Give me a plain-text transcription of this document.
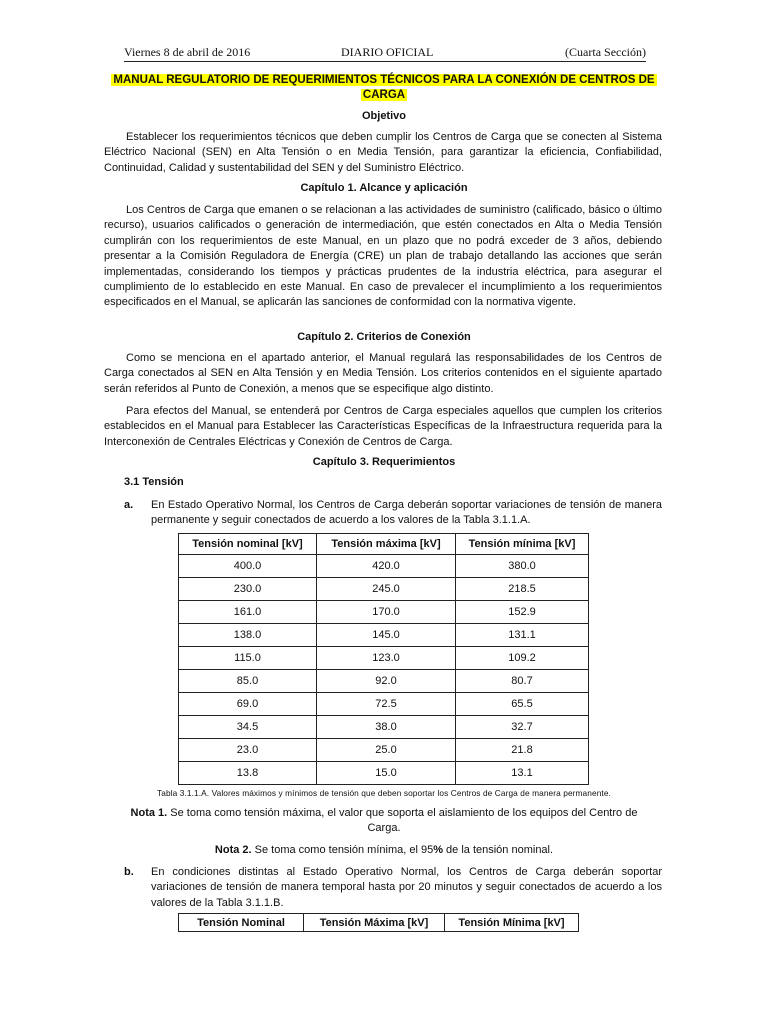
Viernes 8 de abril de 2016	DIARIO OFICIAL	(Cuarta Sección)
MANUAL REGULATORIO DE REQUERIMIENTOS TÉCNICOS PARA LA CONEXIÓN DE CENTROS DE
CARGA
Objetivo

Establecer los requerimientos técnicos que deben cumplir los Centros de Carga que se conecten al Sistema Eléctrico Nacional (SEN) en Alta Tensión o en Media Tensión, para garantizar la eficiencia, Confiabilidad, Continuidad, Calidad y sustentabilidad del SEN y del Suministro Eléctrico.

Capítulo 1. Alcance y aplicación

Los Centros de Carga que emanen o se relacionan a las actividades de suministro (calificado, básico o último recurso), usuarios calificados o generación de intermediación, que estén conectados en Alta o Media Tensión cumplirán con los requerimientos de este Manual, en un plazo que no podrá exceder de 3 años, debiendo presentar a la Comisión Reguladora de Energía (CRE) un plan de trabajo detallando las acciones que serán implementadas, considerando los tiempos y prácticas prudentes de la industria eléctrica, para asegurar el cumplimiento de lo establecido en este Manual. En caso de prevalecer el incumplimiento a los requerimientos especificados en el Manual, se aplicarán las sanciones de conformidad con la normativa vigente.

Capítulo 2. Criterios de Conexión

Como se menciona en el apartado anterior, el Manual regulará las responsabilidades de los Centros de Carga conectados al SEN en Alta Tensión y en Media Tensión. Los criterios contenidos en el siguiente apartado serán referidos al Punto de Conexión, a menos que se especifique algo distinto.

Para efectos del Manual, se entenderá por Centros de Carga especiales aquellos que cumplen los criterios establecidos en el Manual para Establecer las Características Específicas de la Infraestructura requerida para la Interconexión de Centrales Eléctricas y Conexión de Centros de Carga.

Capítulo 3. Requerimientos
3.1 Tensión
a. En Estado Operativo Normal, los Centros de Carga deberán soportar variaciones de tensión de manera permanente y seguir conectados de acuerdo a los valores de la Tabla 3.1.1.A.
Tensión nominal [kV]	Tensión máxima [kV]	Tensión mínima [kV]
400.0	420.0	380.0
230.0	245.0	218.5
161.0	170.0	152.9
138.0	145.0	131.1
115.0	123.0	109.2
85.0	92.0	80.7
69.0	72.5	65.5
34.5	38.0	32.7
23.0	25.0	21.8
13.8	15.0	13.1
Tabla 3.1.1.A. Valores máximos y mínimos de tensión que deben soportar los Centros de Carga de manera permanente.
Nota 1. Se toma como tensión máxima, el valor que soporta el aislamiento de los equipos del Centro de
Carga.
Nota 2. Se toma como tensión mínima, el 95% de la tensión nominal.
b. En condiciones distintas al Estado Operativo Normal, los Centros de Carga deberán soportar variaciones de tensión de manera temporal hasta por 20 minutos y seguir conectados de acuerdo a los valores de la Tabla 3.1.1.B.
Tensión Nominal	Tensión Máxima [kV]	Tensión Mínima [kV]
